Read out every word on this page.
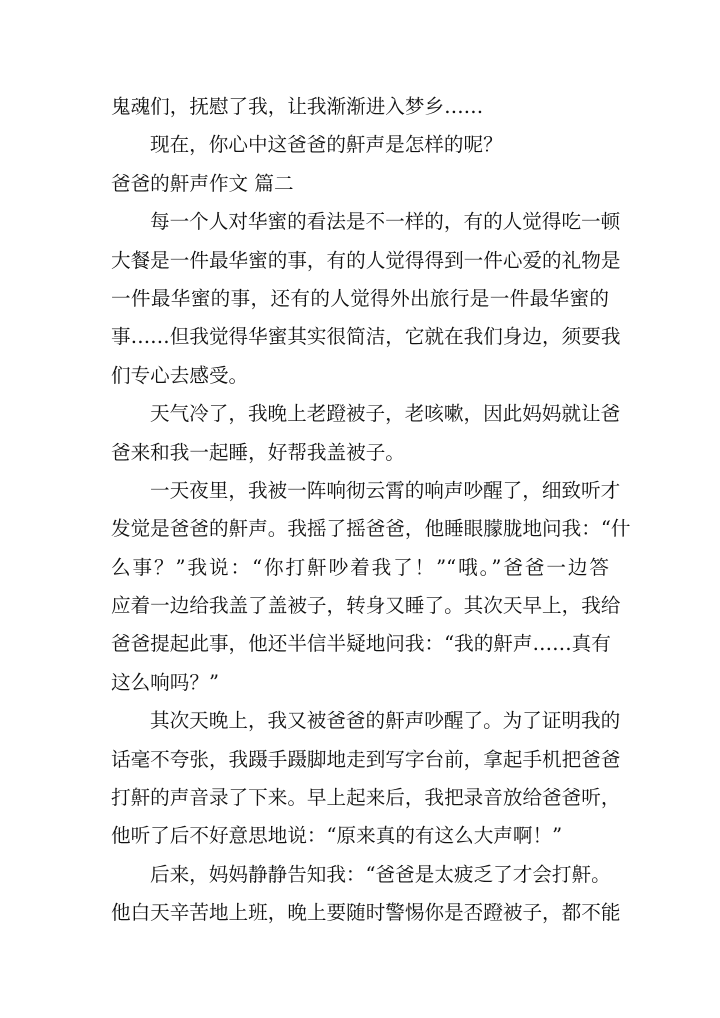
鬼魂们，抚慰了我，让我渐渐进入梦乡……
现在，你心中这爸爸的鼾声是怎样的呢？
爸爸的鼾声作文 篇二
每一个人对华蜜的看法是不一样的，有的人觉得吃一顿
大餐是一件最华蜜的事，有的人觉得得到一件心爱的礼物是
一件最华蜜的事，还有的人觉得外出旅行是一件最华蜜的
事……但我觉得华蜜其实很简洁，它就在我们身边，须要我
们专心去感受。
天气冷了，我晚上老蹬被子，老咳嗽，因此妈妈就让爸
爸来和我一起睡，好帮我盖被子。
一天夜里，我被一阵响彻云霄的响声吵醒了，细致听才
发觉是爸爸的鼾声。我摇了摇爸爸，他睡眼朦胧地问我：“什
么事？”我说：“你打鼾吵着我了！”“哦。”爸爸一边答
应着一边给我盖了盖被子，转身又睡了。其次天早上，我给
爸爸提起此事，他还半信半疑地问我：“我的鼾声……真有
这么响吗？”
其次天晚上，我又被爸爸的鼾声吵醒了。为了证明我的
话毫不夸张，我蹑手蹑脚地走到写字台前，拿起手机把爸爸
打鼾的声音录了下来。早上起来后，我把录音放给爸爸听，
他听了后不好意思地说：“原来真的有这么大声啊！”
后来，妈妈静静告知我：“爸爸是太疲乏了才会打鼾。
他白天辛苦地上班，晚上要随时警惕你是否蹬被子，都不能
